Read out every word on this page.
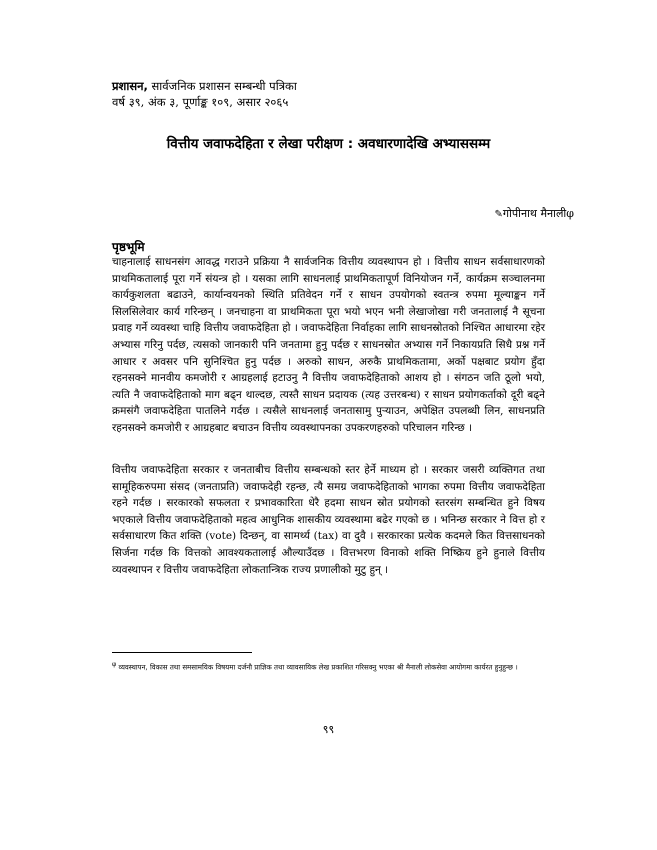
प्रशासन, सार्वजनिक प्रशासन सम्बन्धी पत्रिका
वर्ष ३९, अंक ३, पूर्णाङ्क १०९, असार २०६५
वित्तीय जवाफदेहिता र लेखा परीक्षण : अवधारणादेखि अभ्याससम्म
✎गोपीनाथ मैनालीφ
पृष्ठभूमि

चाहनालाई साधनसंग आवद्ध गराउने प्रक्रिया नै सार्वजनिक वित्तीय व्यवस्थापन हो । वित्तीय साधन सर्वसाधारणको प्राथमिकतालाई पूरा गर्ने संयन्त्र हो । यसका लागि साधनलाई प्राथमिकतापूर्ण विनियोजन गर्ने, कार्यक्रम सञ्चालनमा कार्यकुशलता बढाउने, कार्यान्वयनको स्थिति प्रतिवेदन गर्ने र साधन उपयोगको स्वतन्त्र रुपमा मूल्याङ्कन गर्ने सिलसिलेवार कार्य गरिन्छन् । जनचाहना वा प्राथमिकता पूरा भयो भएन भनी लेखाजोखा गरी जनतालाई नै सूचना प्रवाह गर्ने व्यवस्था चाहि वित्तीय जवाफदेहिता हो । जवाफदेहिता निर्वाहका लागि साधनस्रोतको निश्चित आधारमा रहेर अभ्यास गरिनु पर्दछ, त्यसको जानकारी पनि जनतामा हुनु पर्दछ र साधनस्रोत अभ्यास गर्ने निकायप्रति सिधै प्रश्न गर्ने आधार र अवसर पनि सुनिश्चित हुनु पर्दछ । अरुको साधन, अरुकै प्राथमिकतामा, अर्को पक्षबाट प्रयोग हुँदा रहनसक्ने मानवीय कमजोरी र आग्रहलाई हटाउनु नै वित्तीय जवाफदेहिताको आशय हो । संगठन जति ठूलो भयो, त्यति नै जवाफदेहिताको माग बढ्न थाल्दछ, त्यस्तै साधन प्रदायक (त्यह उत्तरबन्ध) र साधन प्रयोगकर्ताको दूरी बढ्ने क्रमसंगै जवाफदेहिता पातलिने गर्दछ । त्यसैले साधनलाई जनतासामु पुऱ्याउन, अपेक्षित उपलब्धी लिन, साधनप्रति रहनसक्ने कमजोरी र आग्रहबाट बचाउन वित्तीय व्यवस्थापनका उपकरणहरुको परिचालन गरिन्छ ।

वित्तीय जवाफदेहिता सरकार र जनताबीच वित्तीय सम्बन्धको स्तर हेर्ने माध्यम हो । सरकार जसरी व्यक्तिगत तथा सामूहिकरुपमा संसद (जनताप्रति) जवाफदेही रहन्छ, त्यै समग्र जवाफदेहिताको भागका रुपमा वित्तीय जवाफदेहिता रहने गर्दछ । सरकारको सफलता र प्रभावकारिता धेरै हदमा साधन स्रोत प्रयोगको स्तरसंग सम्बन्धित हुने विषय भएकाले वित्तीय जवाफदेहिताको महत्व आधुनिक शासकीय व्यवस्थामा बढेर गएको छ । भनिन्छ सरकार ने वित्त हो र सर्वसाधारण कित शक्ति (vote) दिन्छन्, वा सामर्थ्य (tax) वा दुवै । सरकारका प्रत्येक कदमले कित वित्तसाधनको सिर्जना गर्दछ कि वित्तको आवश्यकतालाई औल्याउँदछ । वित्तभरण विनाको शक्ति निष्क्रिय हुने हुनाले वित्तीय व्यवस्थापन र वित्तीय जवाफदेहिता लोकतान्त्रिक राज्य प्रणालीको मुटु हुन् ।

$^\varphi$ व्यवस्थापन, विकास तथा समसामयिक विषयमा दर्जनौ प्राज्ञिक तथा व्यावसायिक लेख प्रकाशित गरिसक्नु भएका श्री मैनाली लोकसेवा आयोगमा कार्यरत हुनुहुन्छ ।

९९
